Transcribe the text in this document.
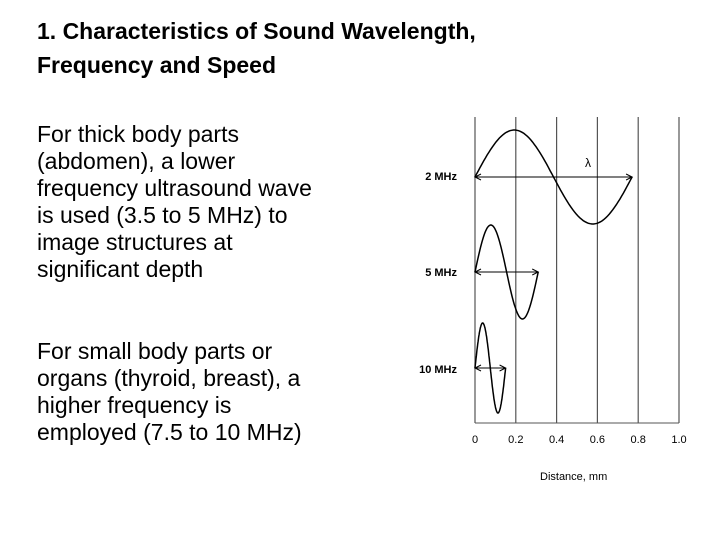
1. Characteristics of Sound Wavelength,
Frequency and Speed
For thick body parts
(abdomen), a lower
frequency ultrasound wave
is used (3.5 to 5 MHz) to
image structures at
significant depth
For small body parts or
organs (thyroid, breast), a
higher frequency is
employed (7.5 to 10 MHz)
2 MHz
5 MHz
10 MHz
0	0.2 0.4 0.6 0.8 1.0
λ
Distance, mm
